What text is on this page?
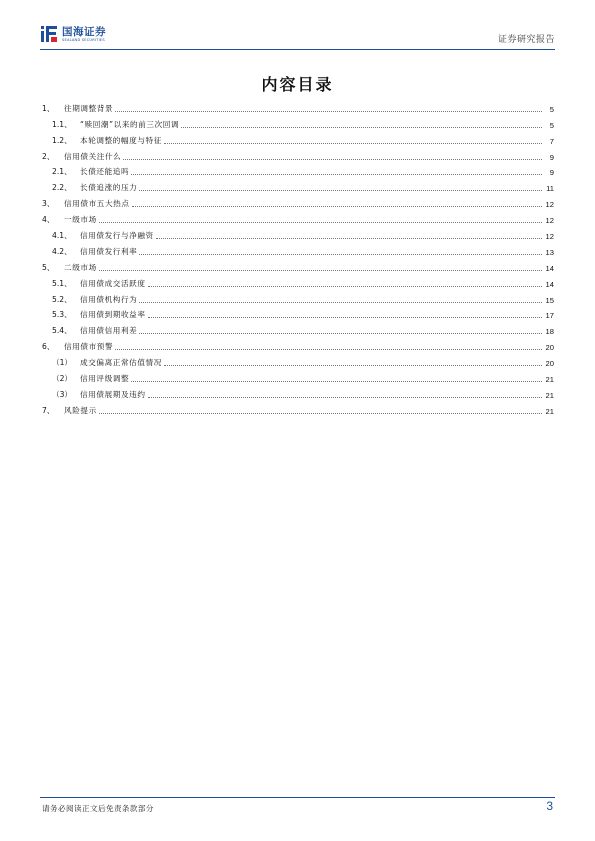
国海证券
SEALAND SECURITIES	证券研究报告
内容目录
1、	往期调整背景	5
1.1、	“赎回潮”以来的前三次回调	5
1.2、	本轮调整的幅度与特征	7
2、	信用债关注什么	9
2.1、	长债还能追吗	9
2.2、	长债追涨的压力	11
3、	信用债市五大热点	12
4、	一级市场	12
4.1、	信用债发行与净融资	12
4.2、	信用债发行利率	13
5、	二级市场	14
5.1、	信用债成交活跃度	14
5.2、	信用债机构行为	15
5.3、	信用债到期收益率	17
5.4、	信用债信用利差	18
6、	信用债市预警	20
（1）	成交偏离正常估值情况	20
（2）	信用评级调整	21
（3）	信用债展期及违约	21
7、	风险提示	21
请务必阅读正文后免责条款部分	3
